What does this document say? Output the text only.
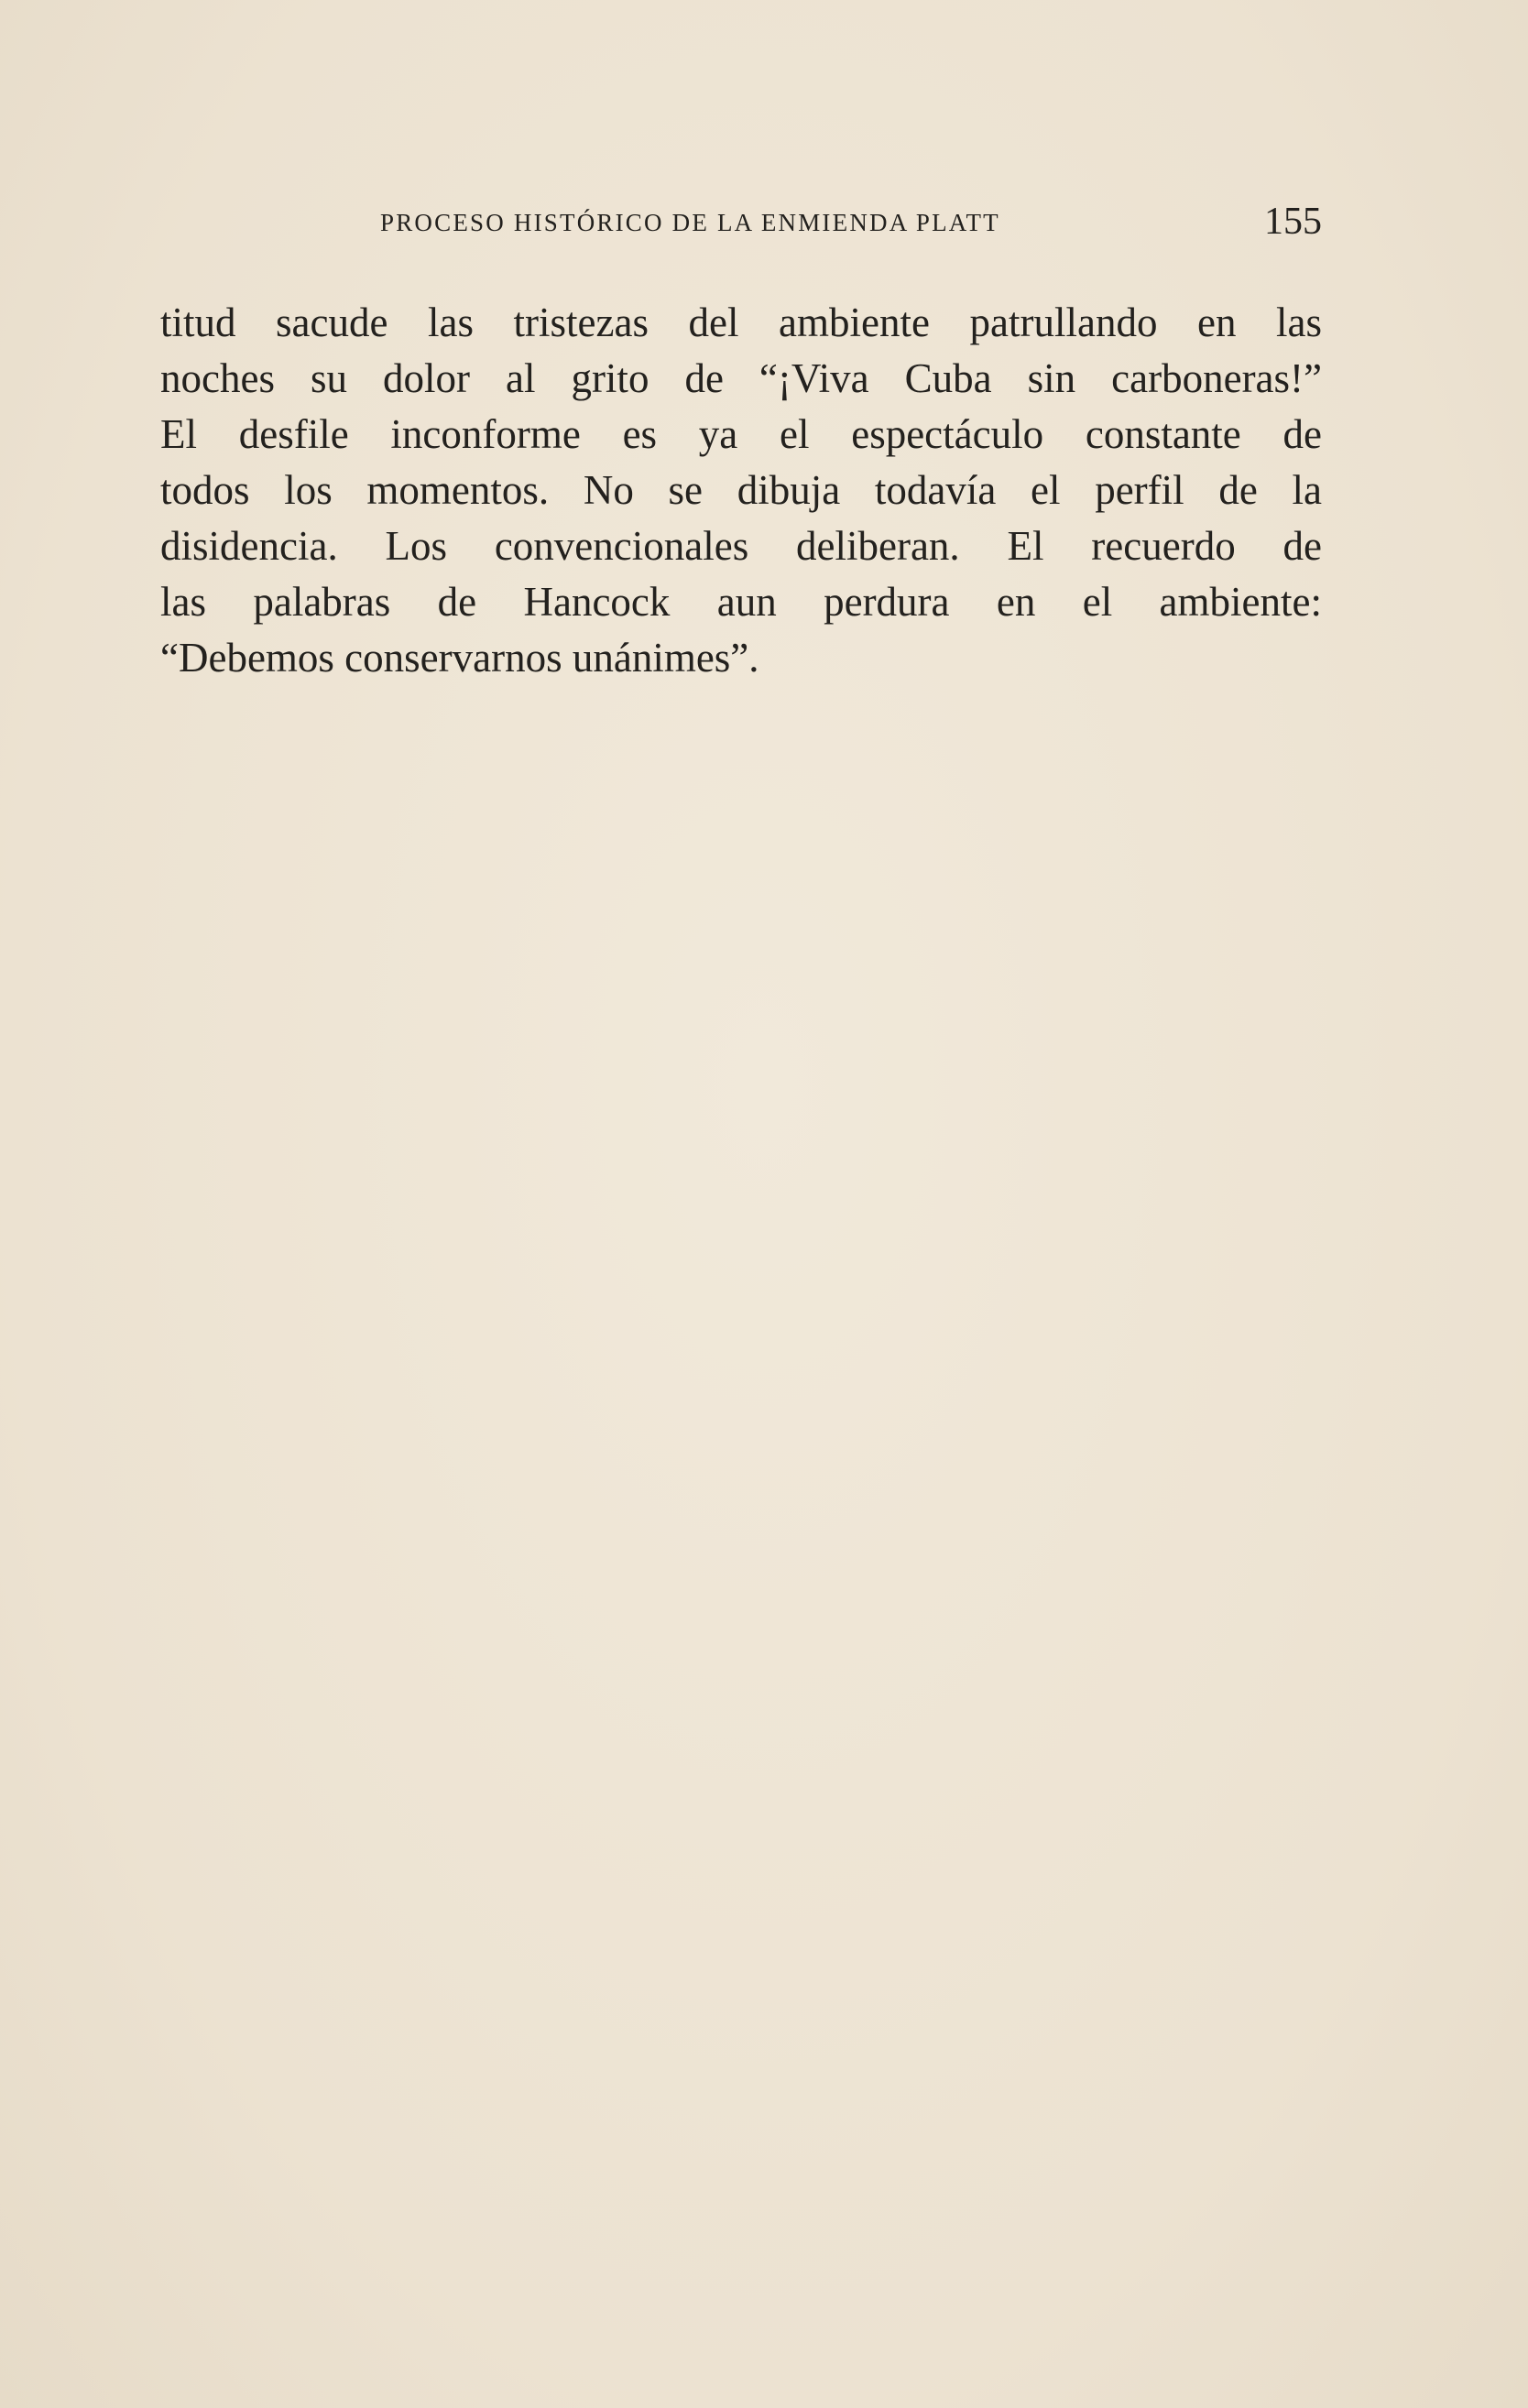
PROCESO HISTÓRICO DE LA ENMIENDA PLATT	155
titud sacude las tristezas del ambiente patrullando en las
noches su dolor al grito de “¡Viva Cuba sin carboneras!”
El desfile inconforme es ya el espectáculo constante de
todos los momentos. No se dibuja todavía el perfil de la
disidencia. Los convencionales deliberan. El recuerdo de
las palabras de Hancock aun perdura en el ambiente:
“Debemos conservarnos unánimes”.
